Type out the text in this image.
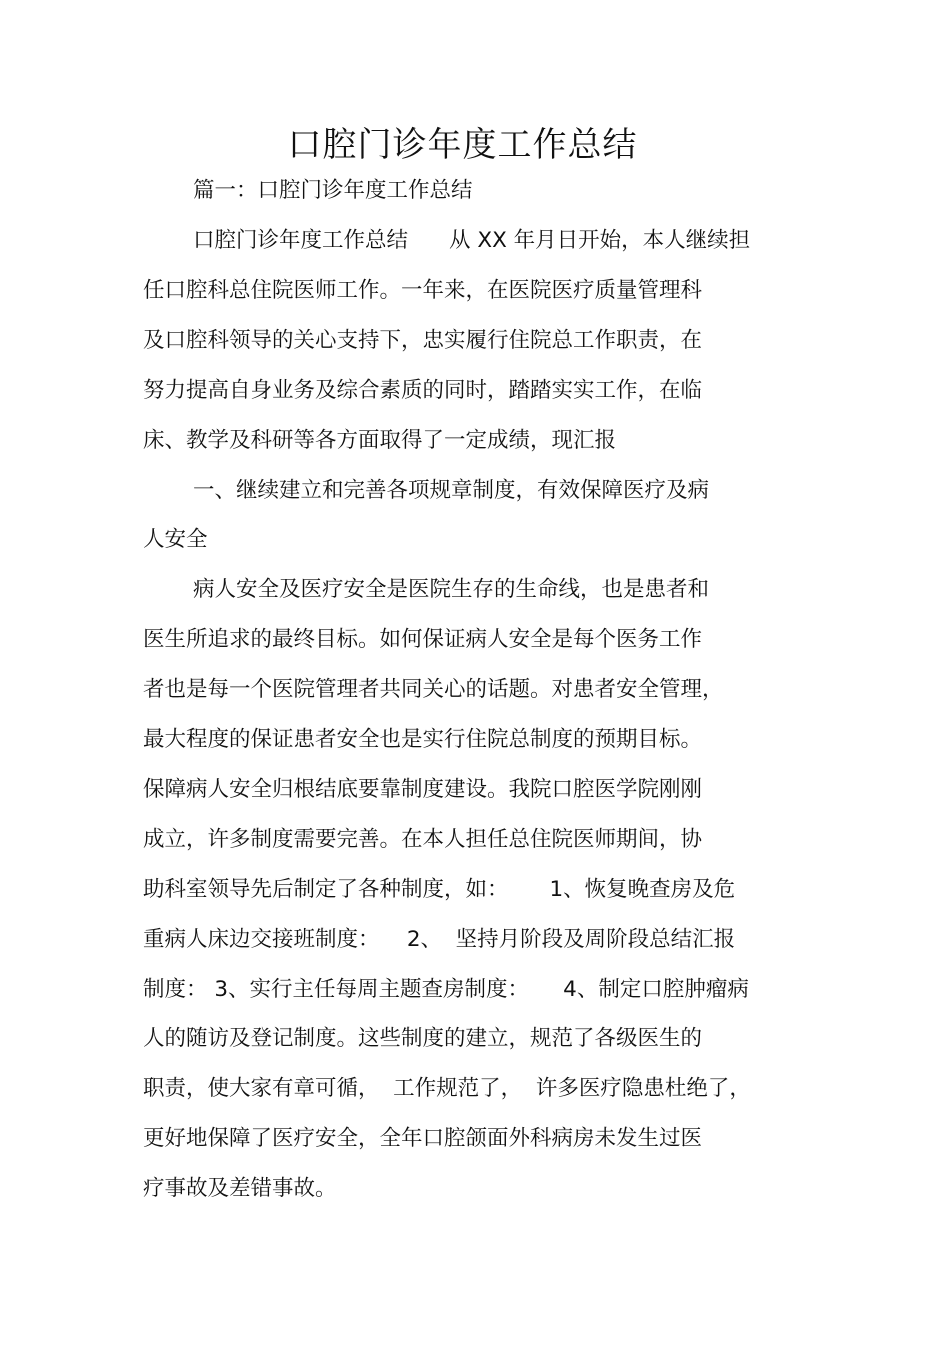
口腔门诊年度工作总结

篇一：口腔门诊年度工作总结

口腔门诊年度工作总结      从 XX 年月日开始，本人继续担

任口腔科总住院医师工作。一年来，在医院医疗质量管理科

及口腔科领导的关心支持下，忠实履行住院总工作职责，在

努力提高自身业务及综合素质的同时，踏踏实实工作，在临

床、教学及科研等各方面取得了一定成绩，现汇报

一、继续建立和完善各项规章制度，有效保障医疗及病

人安全

病人安全及医疗安全是医院生存的生命线，也是患者和

医生所追求的最终目标。如何保证病人安全是每个医务工作

者也是每一个医院管理者共同关心的话题。对患者安全管理，

最大程度的保证患者安全也是实行住院总制度的预期目标。

保障病人安全归根结底要靠制度建设。我院口腔医学院刚刚

成立，许多制度需要完善。在本人担任总住院医师期间，协

助科室领导先后制定了各种制度，如：      1、恢复晚查房及危

重病人床边交接班制度：    2、  坚持月阶段及周阶段总结汇报

制度： 3、实行主任每周主题查房制度：     4、制定口腔肿瘤病

人的随访及登记制度。这些制度的建立，规范了各级医生的

职责，使大家有章可循，  工作规范了，  许多医疗隐患杜绝了，

更好地保障了医疗安全，全年口腔颌面外科病房未发生过医

疗事故及差错事故。
